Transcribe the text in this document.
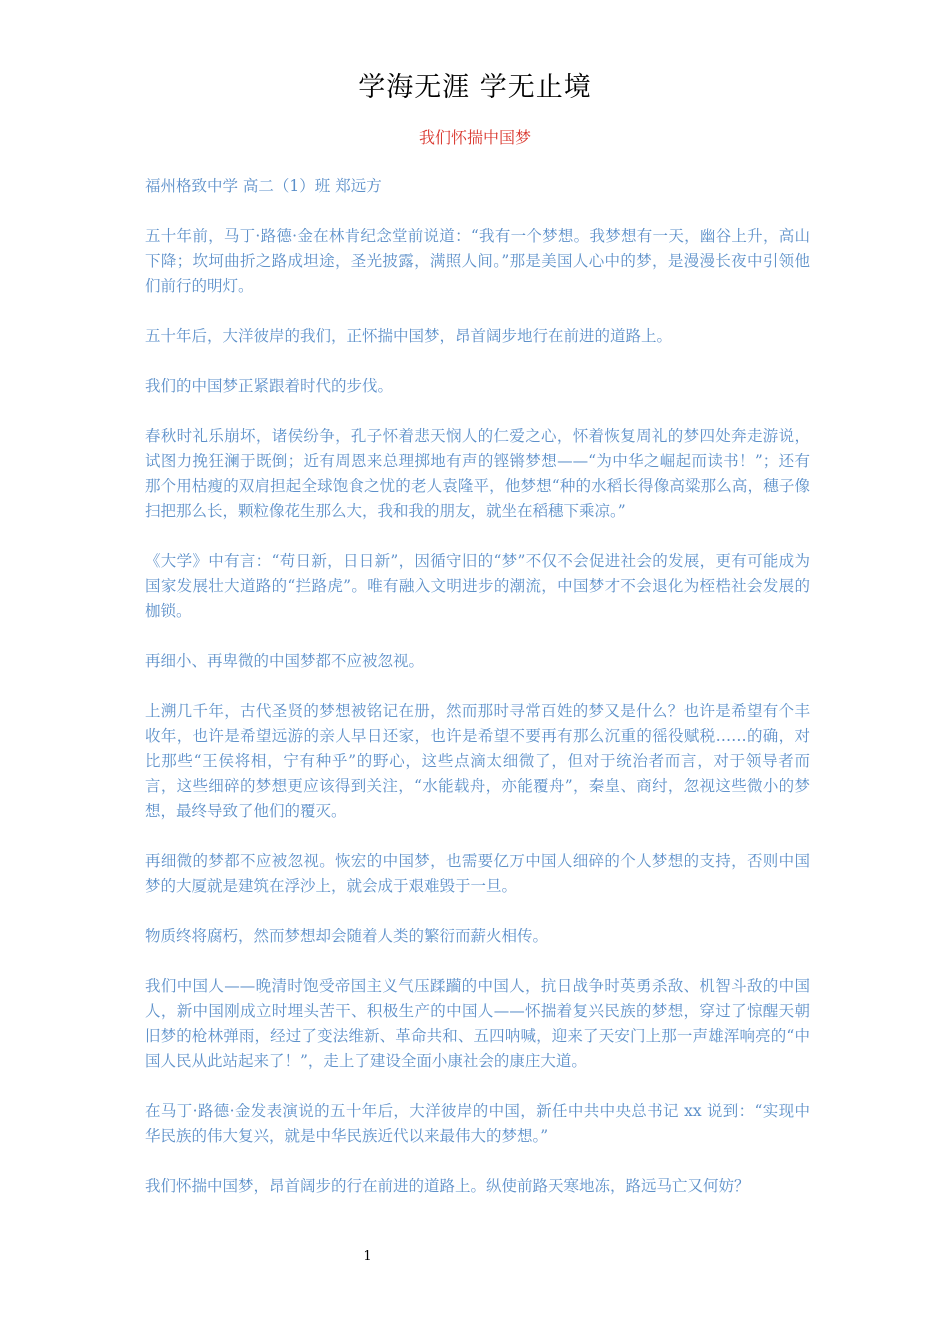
学海无涯 学无止境
我们怀揣中国梦

福州格致中学 高二（1）班 郑远方

五十年前，马丁·路德·金在林肯纪念堂前说道：“我有一个梦想。我梦想有一天，幽谷上升，高山下降；坎坷曲折之路成坦途，圣光披露，满照人间。”那是美国人心中的梦，是漫漫长夜中引领他们前行的明灯。

五十年后，大洋彼岸的我们，正怀揣中国梦，昂首阔步地行在前进的道路上。

我们的中国梦正紧跟着时代的步伐。

春秋时礼乐崩坏，诸侯纷争，孔子怀着悲天悯人的仁爱之心，怀着恢复周礼的梦四处奔走游说，试图力挽狂澜于既倒；近有周恩来总理掷地有声的铿锵梦想——“为中华之崛起而读书！”；还有那个用枯瘦的双肩担起全球饱食之忧的老人袁隆平，他梦想“种的水稻长得像高粱那么高，穗子像扫把那么长，颗粒像花生那么大，我和我的朋友，就坐在稻穗下乘凉。”

《大学》中有言：“苟日新，日日新”，因循守旧的“梦”不仅不会促进社会的发展，更有可能成为国家发展壮大道路的“拦路虎”。唯有融入文明进步的潮流，中国梦才不会退化为桎梏社会发展的枷锁。

再细小、再卑微的中国梦都不应被忽视。

上溯几千年，古代圣贤的梦想被铭记在册，然而那时寻常百姓的梦又是什么？也许是希望有个丰收年，也许是希望远游的亲人早日还家，也许是希望不要再有那么沉重的徭役赋税……的确，对比那些“王侯将相，宁有种乎”的野心，这些点滴太细微了，但对于统治者而言，对于领导者而言，这些细碎的梦想更应该得到关注，“水能载舟，亦能覆舟”，秦皇、商纣，忽视这些微小的梦想，最终导致了他们的覆灭。

再细微的梦都不应被忽视。恢宏的中国梦，也需要亿万中国人细碎的个人梦想的支持，否则中国梦的大厦就是建筑在浮沙上，就会成于艰难毁于一旦。

物质终将腐朽，然而梦想却会随着人类的繁衍而薪火相传。

我们中国人——晚清时饱受帝国主义气压蹂躏的中国人，抗日战争时英勇杀敌、机智斗敌的中国人，新中国刚成立时埋头苦干、积极生产的中国人——怀揣着复兴民族的梦想，穿过了惊醒天朝旧梦的枪林弹雨，经过了变法维新、革命共和、五四呐喊，迎来了天安门上那一声雄浑响亮的“中国人民从此站起来了！”，走上了建设全面小康社会的康庄大道。

在马丁·路德·金发表演说的五十年后，大洋彼岸的中国，新任中共中央总书记 xx 说到：“实现中华民族的伟大复兴，就是中华民族近代以来最伟大的梦想。”

我们怀揣中国梦，昂首阔步的行在前进的道路上。纵使前路天寒地冻，路远马亡又何妨？

1
